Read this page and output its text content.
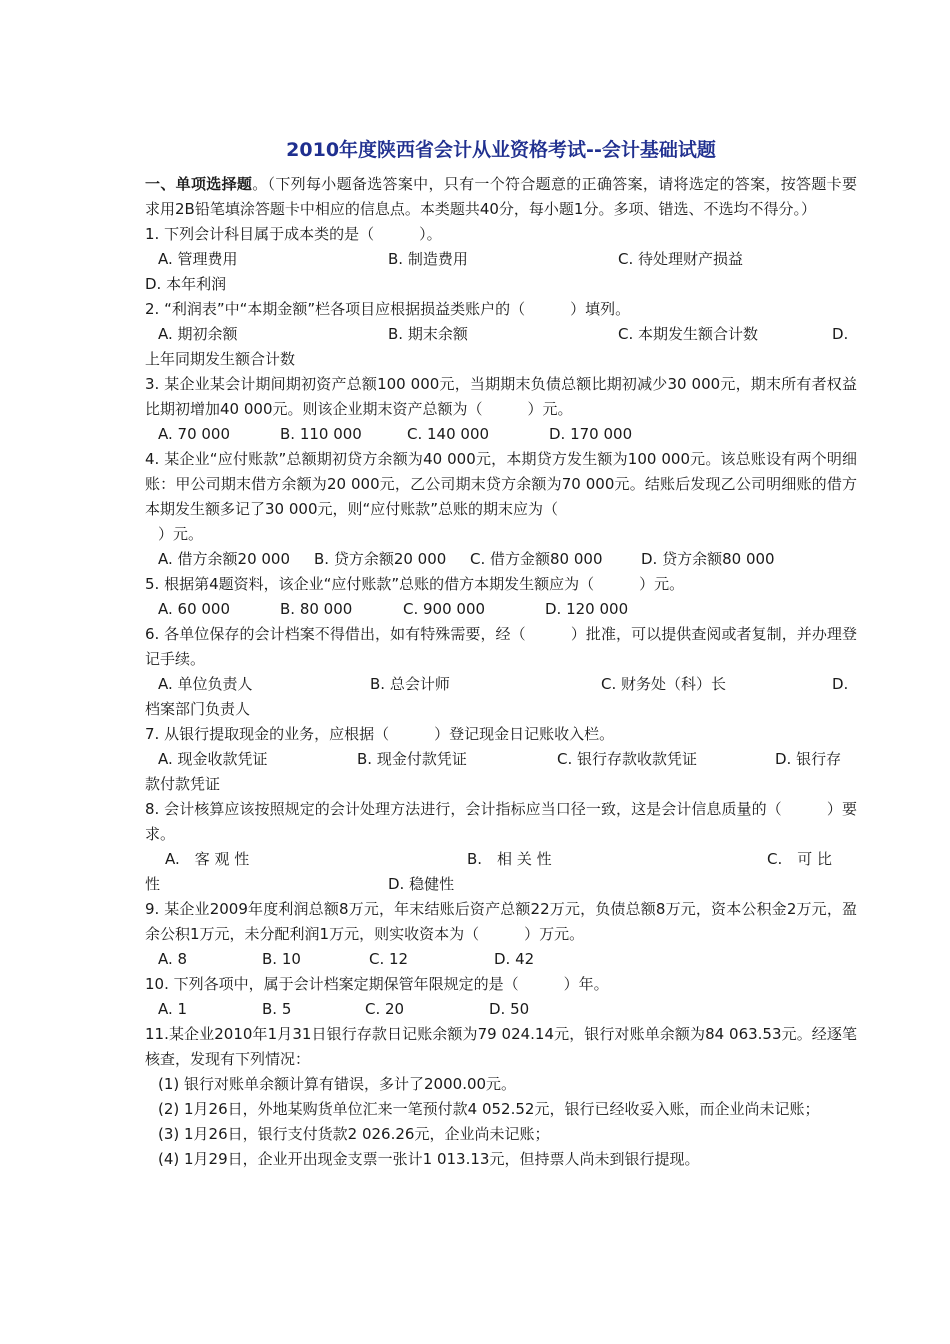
2010年度陕西省会计从业资格考试--会计基础试题

一、单项选择题。（下列每小题备选答案中，只有一个符合题意的正确答案，请将选定的答案，按答题卡要求用2B铅笔填涂答题卡中相应的信息点。本类题共40分，每小题1分。多项、错选、不选均不得分。）

1. 下列会计科目属于成本类的是（　　　）。

A. 管理费用	B. 制造费用	C. 待处理财产损益

D. 本年利润

2. “利润表”中“本期金额”栏各项目应根据损益类账户的（　　　）填列。

A. 期初余额	B. 期末余额	C. 本期发生额合计数	D.

上年同期发生额合计数

3. 某企业某会计期间期初资产总额100 000元，当期期末负债总额比期初减少30 000元，期末所有者权益比期初增加40 000元。则该企业期末资产总额为（　　　）元。

A. 70 000	B. 110 000	C. 140 000	D. 170 000

4. 某企业“应付账款”总额期初贷方余额为40 000元，本期贷方发生额为100 000元。该总账设有两个明细账：甲公司期末借方余额为20 000元，乙公司期末贷方余额为70 000元。结账后发现乙公司明细账的借方本期发生额多记了30 000元，则“应付账款”总账的期末应为（

）元。

A. 借方余额20 000 B. 贷方余额20 000 C. 借方金额80 000	D. 贷方余额80 000

5. 根据第4题资料，该企业“应付账款”总账的借方本期发生额应为（　　　）元。

A. 60 000	B. 80 000	C. 900 000	D. 120 000

6. 各单位保存的会计档案不得借出，如有特殊需要，经（　　　）批准，可以提供查阅或者复制，并办理登记手续。

A. 单位负责人	B. 总会计师	C. 财务处（科）长	D.

档案部门负责人

7. 从银行提取现金的业务，应根据（　　　）登记现金日记账收入栏。

A. 现金收款凭证	B. 现金付款凭证	C. 银行存款收款凭证	D. 银行存

款付款凭证

8. 会计核算应该按照规定的会计处理方法进行，会计指标应当口径一致，这是会计信息质量的（　　　）要求。

A.　客 观 性	B.　相 关 性	C.　可 比
性	D. 稳健性

9. 某企业2009年度利润总额8万元，年末结账后资产总额22万元，负债总额8万元，资本公积金2万元，盈余公积1万元，未分配利润1万元，则实收资本为（　　　）万元。

A. 8	B. 10	C. 12	D. 42

10. 下列各项中，属于会计档案定期保管年限规定的是（　　　）年。

A. 1	B. 5	C. 20	D. 50

11.某企业2010年1月31日银行存款日记账余额为79 024.14元，银行对账单余额为84 063.53元。经逐笔核查，发现有下列情况：

(1) 银行对账单余额计算有错误，多计了2000.00元。

(2) 1月26日，外地某购货单位汇来一笔预付款4 052.52元，银行已经收妥入账，而企业尚未记账；

(3) 1月26日，银行支付货款2 026.26元，企业尚未记账；

(4) 1月29日，企业开出现金支票一张计1 013.13元，但持票人尚未到银行提现。
